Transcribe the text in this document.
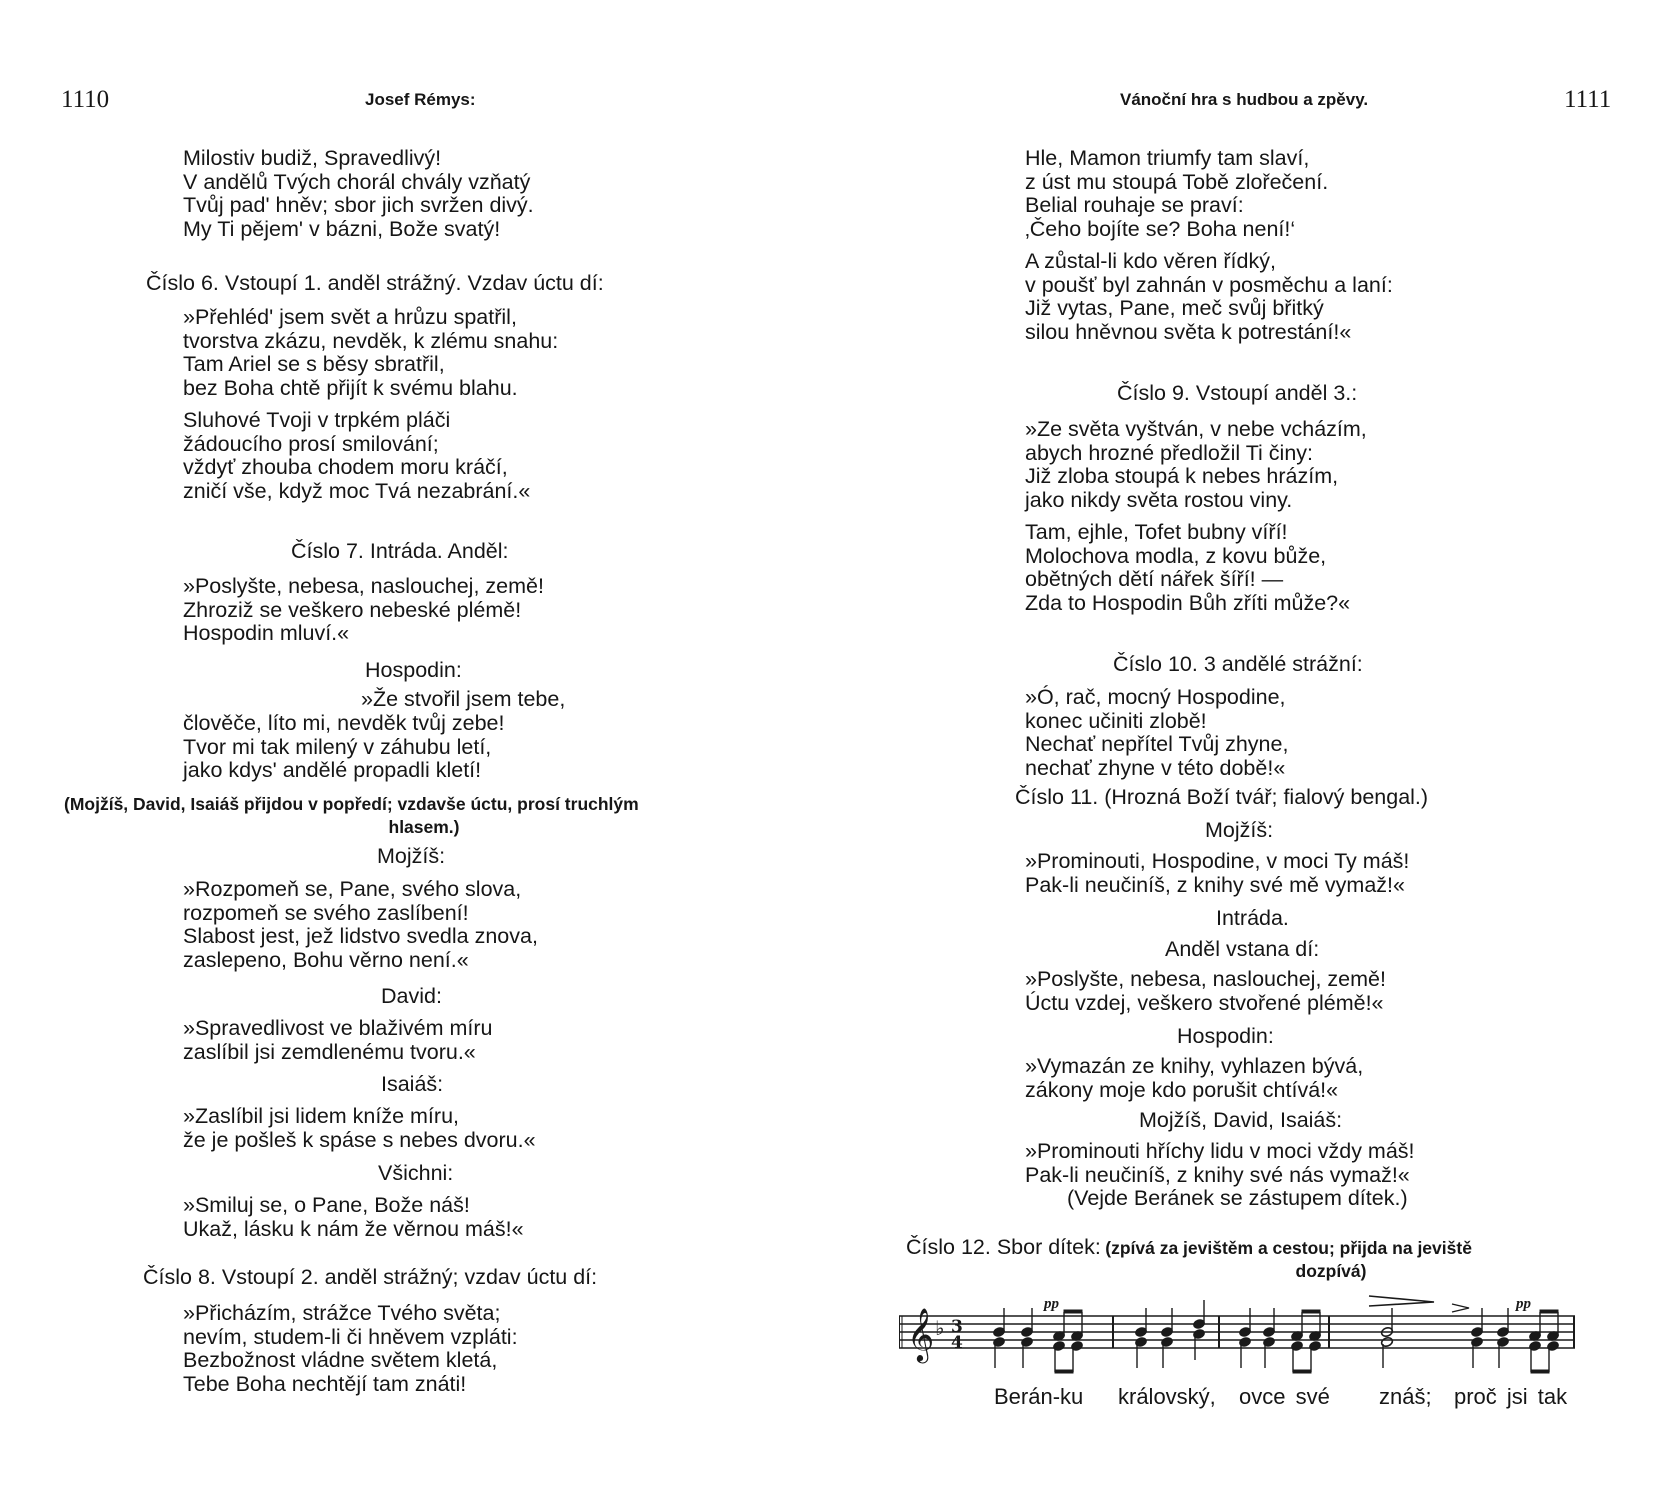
1110	Josef Rémys:
Milostiv budiž, Spravedlivý!
V andělů Tvých chorál chvály vzňatý
Tvůj pad' hněv; sbor jich svržen divý.
My Ti pějem' v bázni, Bože svatý!
Číslo 6. Vstoupí 1. anděl strážný. Vzdav úctu dí:
»Přehléd' jsem svět a hrůzu spatřil,
tvorstva zkázu, nevděk, k zlému snahu:
Tam Ariel se s běsy sbratřil,
bez Boha chtě přijít k svému blahu.
Sluhové Tvoji v trpkém pláči
žádoucího prosí smilování;
vždyť zhouba chodem moru kráčí,
zničí vše, když moc Tvá nezabrání.«
Číslo 7. Intráda. Anděl:
»Poslyšte, nebesa, naslouchej, země!
Zhroziž se veškero nebeské plémě!
Hospodin mluví.«
Hospodin:
»Že stvořil jsem tebe,
člověče, líto mi, nevděk tvůj zebe!
Tvor mi tak milený v záhubu letí,
jako kdys' andělé propadli kletí!
(Mojžíš, David, Isaiáš přijdou v popředí; vzdavše úctu, prosí truchlým
hlasem.)
Mojžíš:
»Rozpomeň se, Pane, svého slova,
rozpomeň se svého zaslíbení!
Slabost jest, jež lidstvo svedla znova,
zaslepeno, Bohu věrno není.«
David:
»Spravedlivost ve blaživém míru
zaslíbil jsi zemdlenému tvoru.«
Isaiáš:
»Zaslíbil jsi lidem kníže míru,
že je pošleš k spáse s nebes dvoru.«
Všichni:
»Smiluj se, o Pane, Bože náš!
Ukaž, lásku k nám že věrnou máš!«
Číslo 8. Vstoupí 2. anděl strážný; vzdav úctu dí:
»Přicházím, strážce Tvého světa;
nevím, studem-li či hněvem vzpláti:
Bezbožnost vládne světem kletá,
Tebe Boha nechtějí tam znáti!
Vánoční hra s hudbou a zpěvy.	1111
Hle, Mamon triumfy tam slaví,
z úst mu stoupá Tobě zlořečení.
Belial rouhaje se praví:
‚Čeho bojíte se? Boha není!‘
A zůstal-li kdo věren řídký,
v poušť byl zahnán v posměchu a laní:
Již vytas, Pane, meč svůj břitký
silou hněvnou světa k potrestání!«
Číslo 9. Vstoupí anděl 3.:
»Ze světa vyštván, v nebe vcházím,
abych hrozné předložil Ti činy:
Již zloba stoupá k nebes hrázím,
jako nikdy světa rostou viny.
Tam, ejhle, Tofet bubny víří!
Molochova modla, z kovu bůže,
obětných dětí nářek šíří! —
Zda to Hospodin Bůh zříti může?«
Číslo 10. 3 andělé strážní:
»Ó, rač, mocný Hospodine,
konec učiniti zlobě!
Nechať nepřítel Tvůj zhyne,
nechať zhyne v této době!«
Číslo 11. (Hrozná Boží tvář; fialový bengal.)
Mojžíš:
»Prominouti, Hospodine, v moci Ty máš!
Pak-li neučiníš, z knihy své mě vymaž!«
Intráda.
Anděl vstana dí:
»Poslyšte, nebesa, naslouchej, země!
Úctu vzdej, veškero stvořené plémě!«
Hospodin:
»Vymazán ze knihy, vyhlazen bývá,
zákony moje kdo porušit chtívá!«
Mojžíš, David, Isaiáš:
»Prominouti hříchy lidu v moci vždy máš!
Pak-li neučiníš, z knihy své nás vymaž!«
(Vejde Beránek se zástupem dítek.)
Číslo 12. Sbor dítek: (zpívá za jevištěm a cestou; přijda na jeviště
dozpívá)
𝄞 ♭ 3
4
pp	pp
Berán-ku královský, ovce své znáš; proč jsi tak
